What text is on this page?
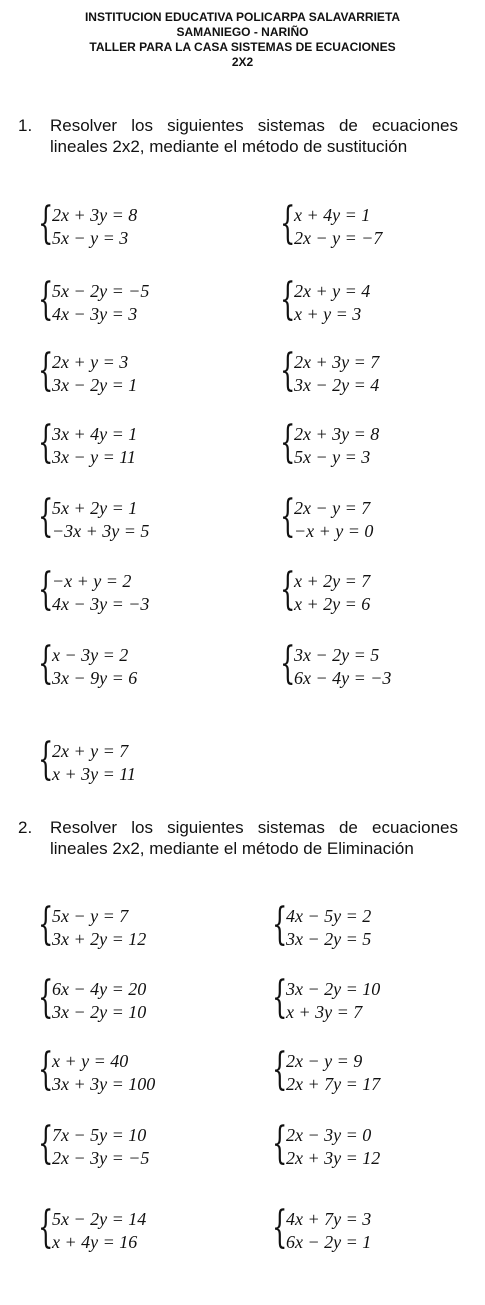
INSTITUCION EDUCATIVA POLICARPA SALAVARRIETA
SAMANIEGO - NARIÑO
TALLER PARA LA CASA SISTEMAS DE ECUACIONES
2X2
1. Resolver los siguientes sistemas de ecuaciones lineales 2x2, mediante el método de sustitución
{
2x + 3y = 8
5x − y = 3	{
x + 4y = 1
2x − y = −7
{
5x − 2y = −5
4x − 3y = 3	{
2x + y = 4
x + y = 3
{
2x + y = 3
3x − 2y = 1	{
2x + 3y = 7
3x − 2y = 4
{
3x + 4y = 1
3x − y = 11	{
2x + 3y = 8
5x − y = 3
{
5x + 2y = 1
−3x + 3y = 5	{
2x − y = 7
−x + y = 0
{
−x + y = 2
4x − 3y = −3	{
x + 2y = 7
x + 2y = 6
{
x − 3y = 2
3x − 9y = 6	{
3x − 2y = 5
6x − 4y = −3
{
2x + y = 7
x + 3y = 11
2. Resolver los siguientes sistemas de ecuaciones lineales 2x2, mediante el método de Eliminación
{
5x − y = 7
3x + 2y = 12	{
4x − 5y = 2
3x − 2y = 5
{
6x − 4y = 20
3x − 2y = 10	{
3x − 2y = 10
x + 3y = 7
{
x + y = 40
3x + 3y = 100	{
2x − y = 9
2x + 7y = 17
{
7x − 5y = 10
2x − 3y = −5	{
2x − 3y = 0
2x + 3y = 12
{
5x − 2y = 14
x + 4y = 16	{
4x + 7y = 3
6x − 2y = 1
